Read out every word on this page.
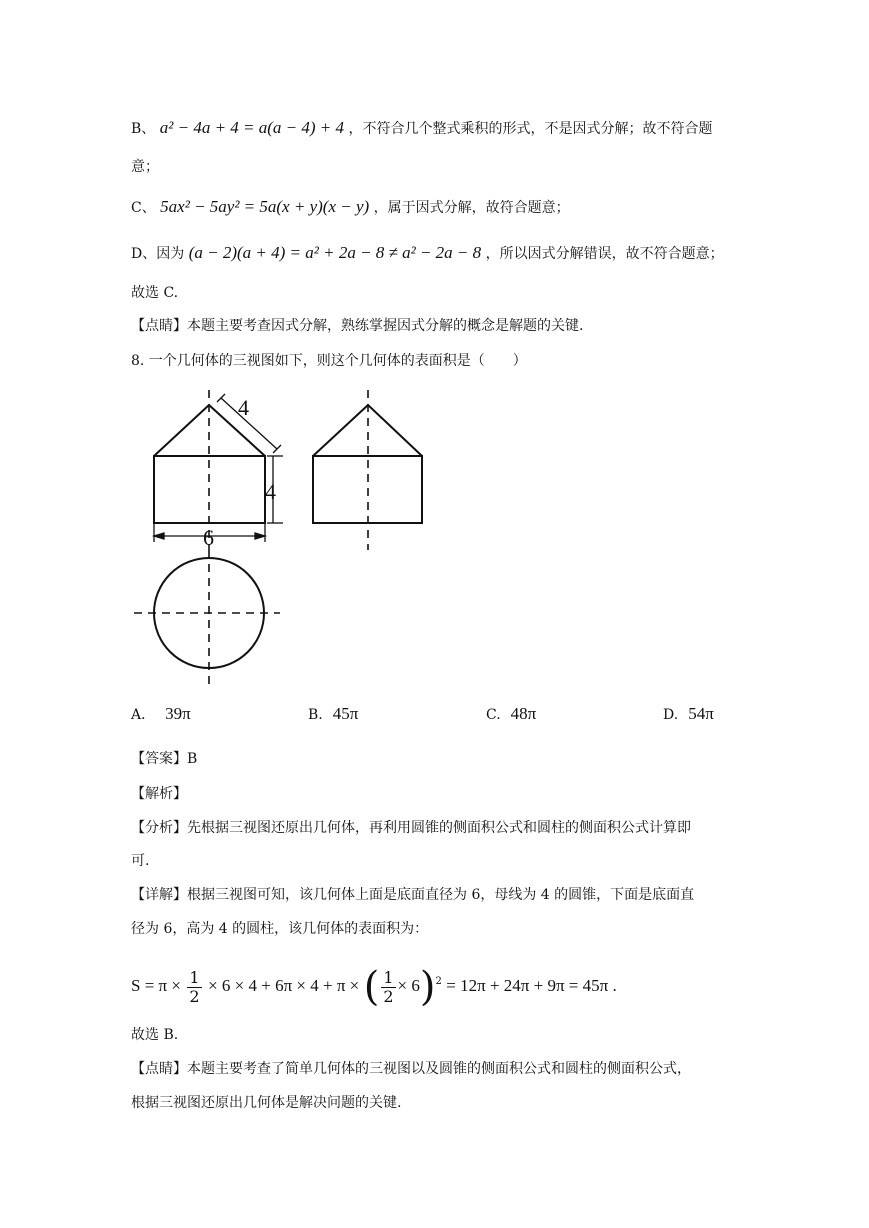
B、 a² − 4a + 4 = a(a − 4) + 4 ，不符合几个整式乘积的形式，不是因式分解；故不符合题
意；
C、 5ax² − 5ay² = 5a(x + y)(x − y) ，属于因式分解，故符合题意；
D、因为 (a − 2)(a + 4) = a² + 2a − 8 ≠ a² − 2a − 8 ，所以因式分解错误，故不符合题意；
故选 C.
【点睛】本题主要考查因式分解，熟练掌握因式分解的概念是解题的关键.
8. 一个几何体的三视图如下，则这个几何体的表面积是（　　）
4
4
6
A． 39π	B. 45π	C. 48π	D. 54π
【答案】B
【解析】
【分析】先根据三视图还原出几何体，再利用圆锥的侧面积公式和圆柱的侧面积公式计算即
可.
【详解】根据三视图可知，该几何体上面是底面直径为 6，母线为 4 的圆锥，下面是底面直
径为 6，高为 4 的圆柱，该几何体的表面积为：
$S = \pi \times \frac{1}{2} \times 6 \times 4 + 6\pi \times 4 + \pi$ × ( $\frac{1}{2} \times 6)^2 = 12\pi + 24\pi + 9\pi = 45\pi$ .
故选 B.
【点睛】本题主要考查了简单几何体的三视图以及圆锥的侧面积公式和圆柱的侧面积公式，
根据三视图还原出几何体是解决问题的关键.
